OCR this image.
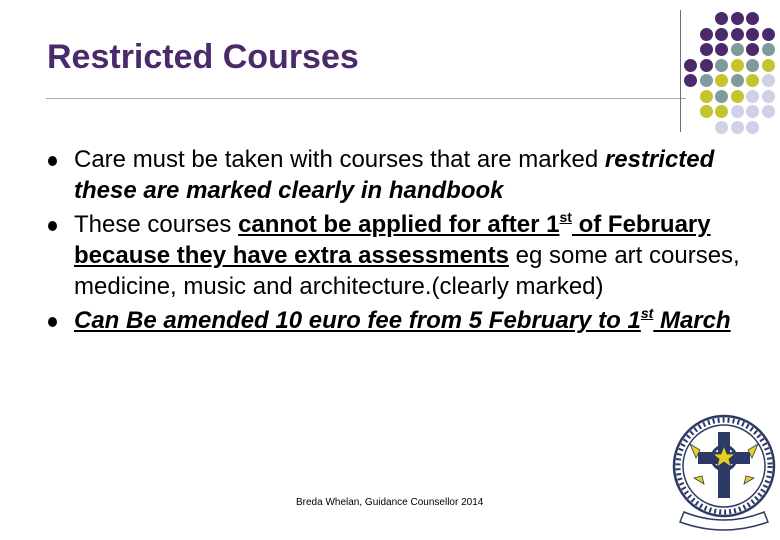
Restricted Courses
Care must be taken with courses that are marked restricted these are marked clearly in handbook
These courses cannot be applied for after 1st of February because they have extra assessments eg some art courses, medicine, music and architecture.(clearly marked)
Can Be amended 10 euro fee from 5 February to 1st March
Breda Whelan, Guidance Counsellor 2014
